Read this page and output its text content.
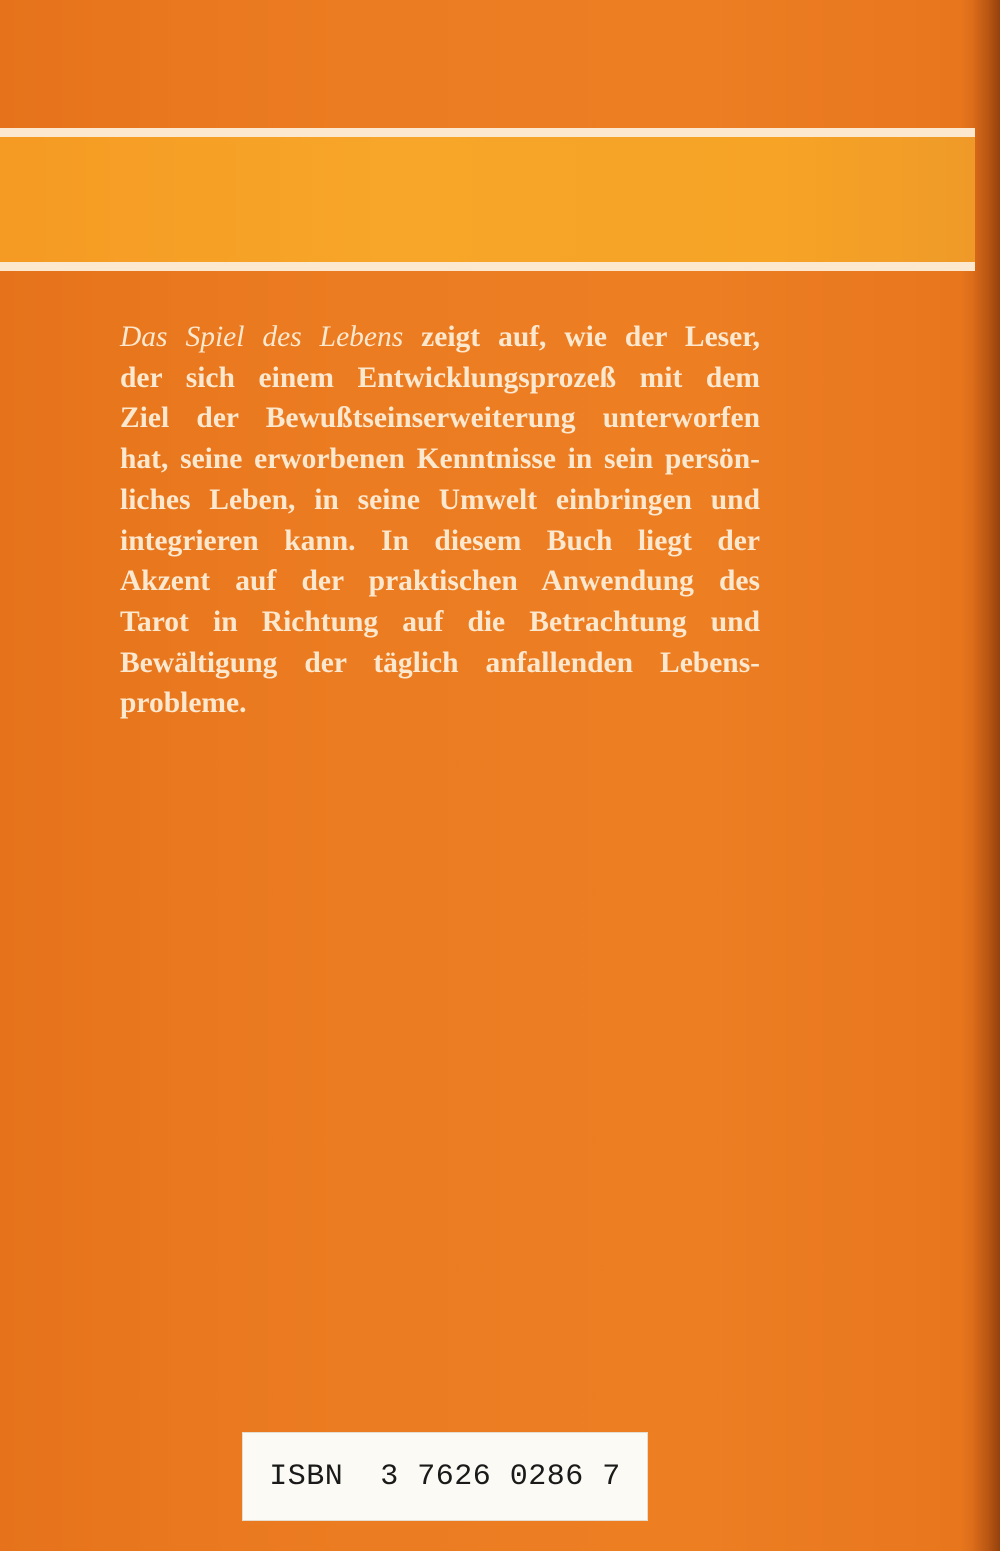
Das Spiel des Lebens zeigt auf, wie der Leser,
der sich einem Entwicklungsprozeß mit dem
Ziel der Bewußtseinserweiterung unterworfen
hat, seine erworbenen Kenntnisse in sein persön-
liches Leben, in seine Umwelt einbringen und
integrieren kann. In diesem Buch liegt der
Akzent auf der praktischen Anwendung des
Tarot in Richtung auf die Betrachtung und
Bewältigung der täglich anfallenden Lebens-
probleme.

ISBN  3 7626 0286 7
